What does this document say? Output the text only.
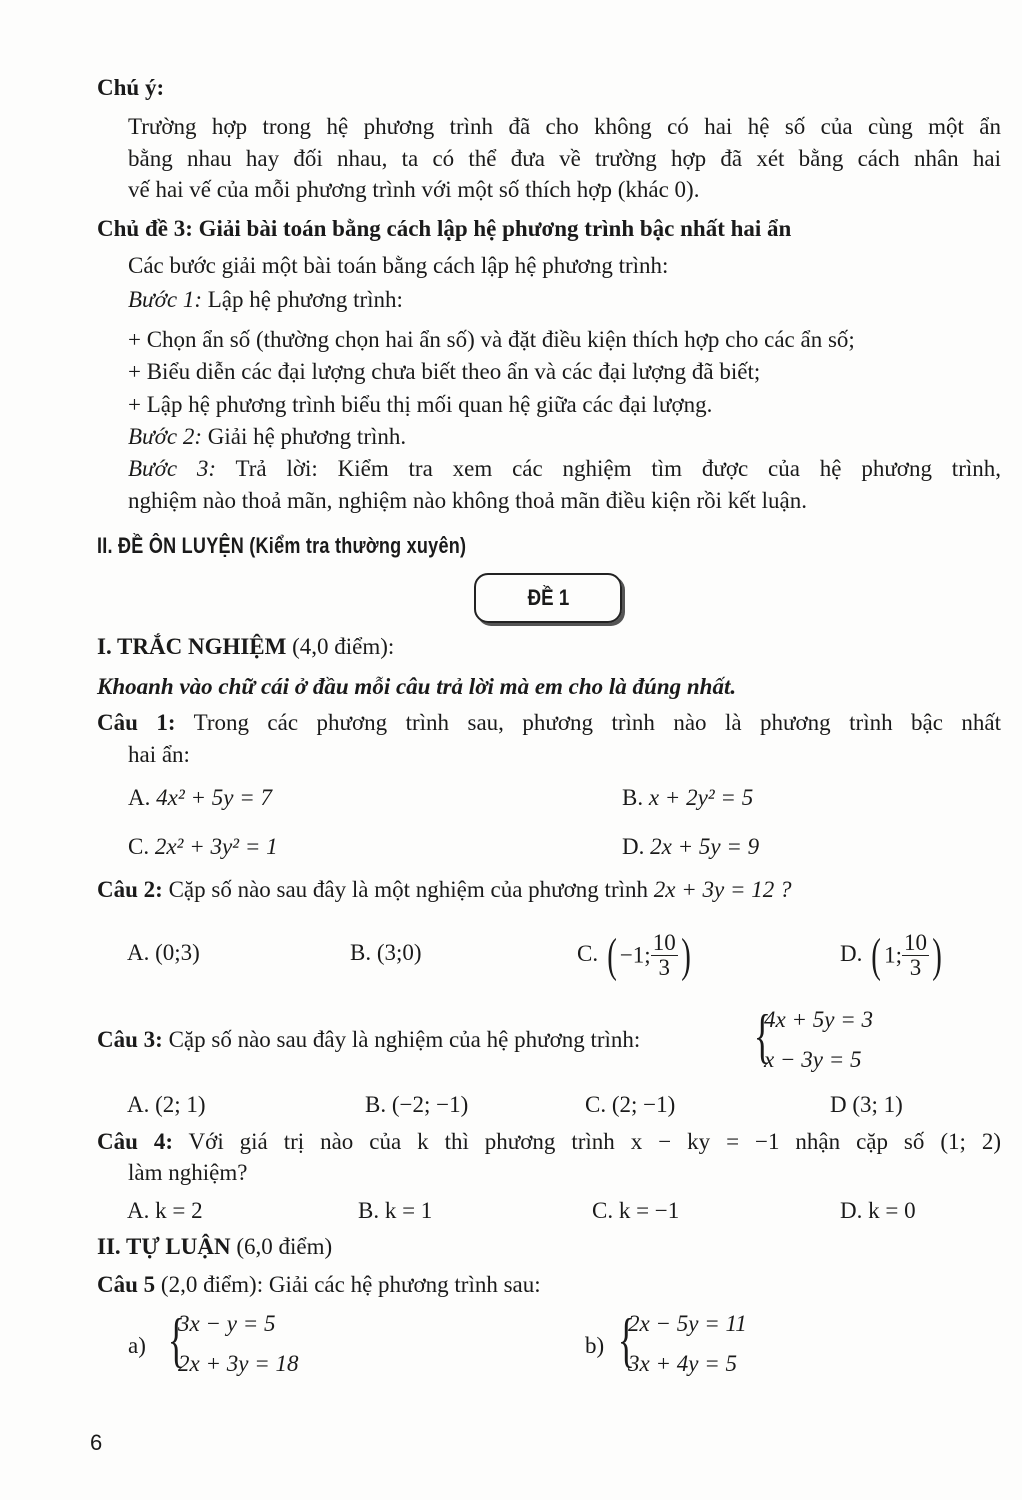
Chú ý:
Trường hợp trong hệ phương trình đã cho không có hai hệ số của cùng một ẩn
bằng nhau hay đối nhau, ta có thể đưa về trường hợp đã xét bằng cách nhân hai
vế hai vế của mỗi phương trình với một số thích hợp (khác 0).
Chủ đề 3: Giải bài toán bằng cách lập hệ phương trình bậc nhất hai ẩn
Các bước giải một bài toán bằng cách lập hệ phương trình:
Bước 1: Lập hệ phương trình:
+ Chọn ẩn số (thường chọn hai ẩn số) và đặt điều kiện thích hợp cho các ẩn số;
+ Biểu diễn các đại lượng chưa biết theo ẩn và các đại lượng đã biết;
+ Lập hệ phương trình biểu thị mối quan hệ giữa các đại lượng.
Bước 2: Giải hệ phương trình.
Bước 3: Trả lời: Kiểm tra xem các nghiệm tìm được của hệ phương trình,
nghiệm nào thoả mãn, nghiệm nào không thoả mãn điều kiện rồi kết luận.
II. ĐỀ ÔN LUYỆN (Kiểm tra thường xuyên)
ĐỀ 1
I. TRẮC NGHIỆM (4,0 điểm):
Khoanh vào chữ cái ở đầu mỗi câu trả lời mà em cho là đúng nhất.
Câu 1: Trong các phương trình sau, phương trình nào là phương trình bậc nhất
hai ẩn:
A. 4x² + 5y = 7	B. x + 2y² = 5
C. 2x² + 3y² = 1	D. 2x + 5y = 9
Câu 2: Cặp số nào sau đây là một nghiệm của phương trình 2x + 3y = 12 ?
A. (0;3)	B. (3;0)	C. ( −1; $\frac{10}{3}$ )	D. ( 1; $\frac{10}{3}$ )
Câu 3: Cặp số nào sau đây là nghiệm của hệ phương trình: {
4x + 5y = 3
x − 3y = 5
A. (2; 1)	B. (−2; −1)	C. (2; −1)	D (3; 1)
Câu 4: Với giá trị nào của k thì phương trình x − ky = −1 nhận cặp số (1; 2)
làm nghiệm?
A. k = 2	B. k = 1	C. k = −1	D. k = 0
II. TỰ LUẬN (6,0 điểm)
Câu 5 (2,0 điểm): Giải các hệ phương trình sau:
a) {
3x − y = 5
2x + 3y = 18
b) {
2x − 5y = 11
3x + 4y = 5
6
